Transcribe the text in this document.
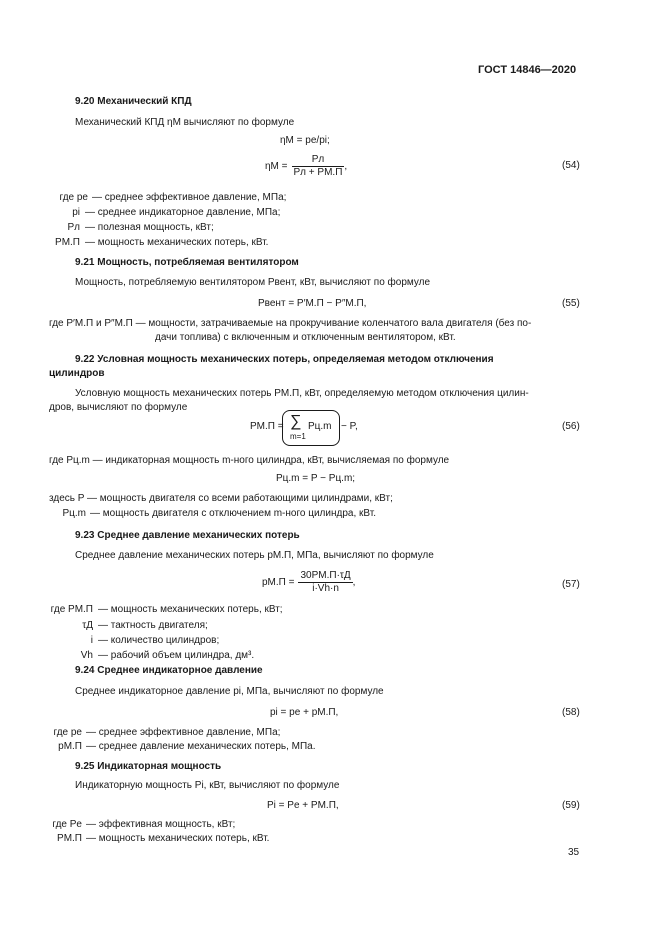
ГОСТ 14846—2020
9.20 Механический КПД
Механический КПД ηМ вычисляют по формуле
ηМ = pe/pi;
$\eta М = \frac{Pл}{Pл + PМ.П}$ ,	(54)
где pe — среднее эффективное давление, МПа;
pi — среднее индикаторное давление, МПа;
Pл — полезная мощность, кВт;
PМ.П — мощность механических потерь, кВт.
9.21 Мощность, потребляемая вентилятором
Мощность, потребляемую вентилятором Pвент, кВт, вычисляют по формуле
Pвент = P′М.П − P″М.П,	(55)
где P′М.П и P″М.П — мощности, затрачиваемые на прокручивание коленчатого вала двигателя (без по-
дачи топлива) с включенным и отключенным вентилятором, кВт.
9.22 Условная мощность механических потерь, определяемая методом отключения
цилиндров
Условную мощность механических потерь PМ.П, кВт, определяемую методом отключения цилин-
дров, вычисляют по формуле
PМ.П = ∑
m=1
Pц.m − P,	(56)
где Pц.m — индикаторная мощность m-ного цилиндра, кВт, вычисляемая по формуле
Pц.m = P − Pц.m;
здесь P — мощность двигателя со всеми работающими цилиндрами, кВт;
Pц.m — мощность двигателя с отключением m-ного цилиндра, кВт.
9.23 Среднее давление механических потерь
Среднее давление механических потерь pМ.П, МПа, вычисляют по формуле
$pМ.П = \frac{30PМ.П\cdot\tau Д}{i\cdot Vh\cdot n}$ ,	(57)
где PМ.П — мощность механических потерь, кВт;
τД — тактность двигателя;
i — количество цилиндров;
Vh — рабочий объем цилиндра, дм³.
9.24 Среднее индикаторное давление
Среднее индикаторное давление pi, МПа, вычисляют по формуле
pi = pe + pМ.П,	(58)
где pe — среднее эффективное давление, МПа;
pМ.П — среднее давление механических потерь, МПа.
9.25 Индикаторная мощность
Индикаторную мощность Pi, кВт, вычисляют по формуле
Pi = Pe + PМ.П,	(59)
где Pe — эффективная мощность, кВт;
PМ.П — мощность механических потерь, кВт.
35
